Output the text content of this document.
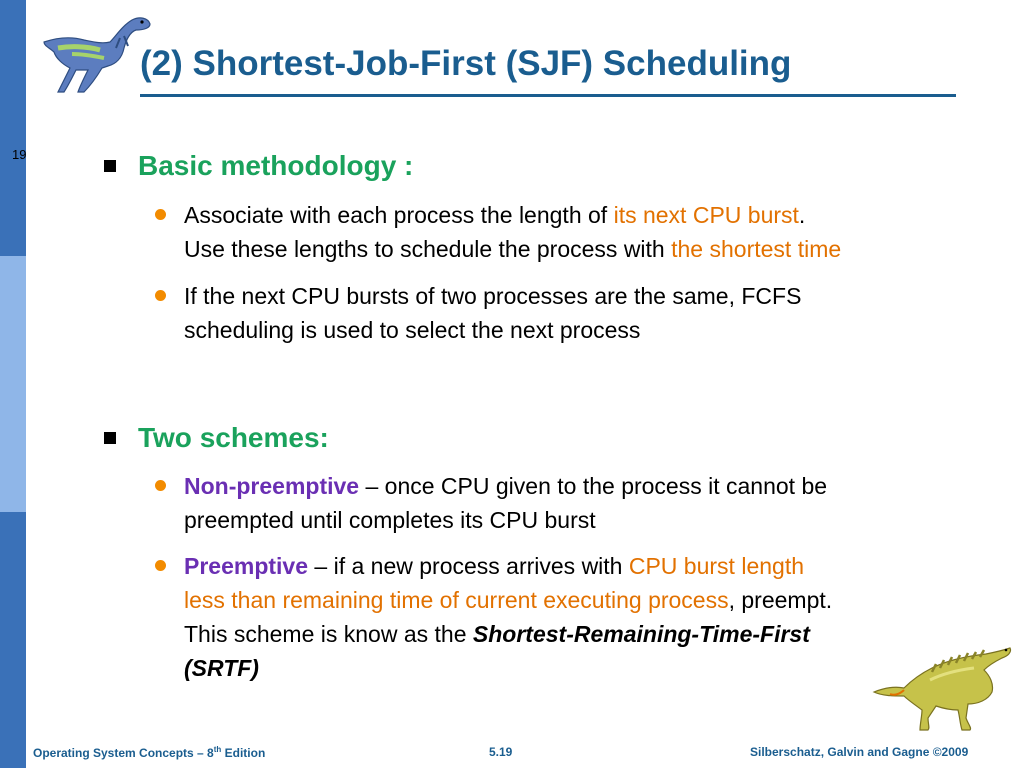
19
(2) Shortest-Job-First (SJF) Scheduling
Basic methodology :
Associate with each process the length of its next CPU burst.
Use these lengths to schedule the process with the shortest time
If the next CPU bursts of two processes are the same, FCFS
scheduling is used to select the next process
Two schemes:
Non-preemptive – once CPU given to the process it cannot be
preempted until completes its CPU burst
Preemptive – if a new process arrives with CPU burst length
less than remaining time of current executing process, preempt.
This scheme is know as the Shortest-Remaining-Time-First
(SRTF)
Operating System Concepts – 8th Edition	5.19	Silberschatz, Galvin and Gagne ©2009
